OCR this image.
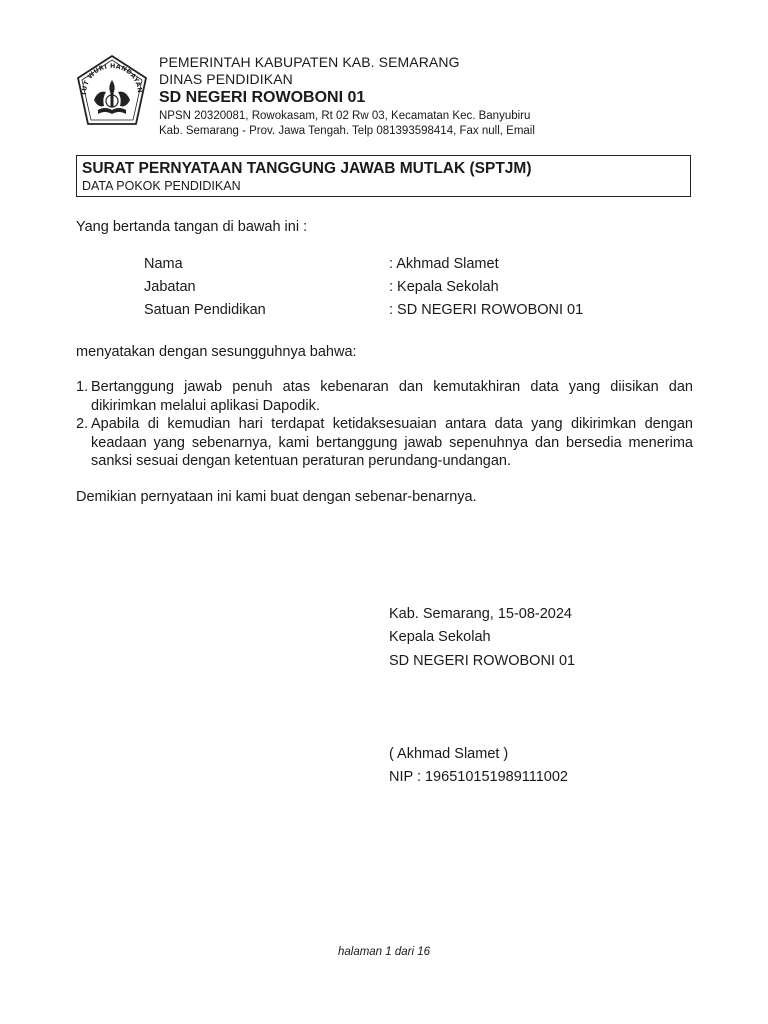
TUT WURI HANDAYAN
PEMERINTAH KABUPATEN KAB. SEMARANG
DINAS PENDIDIKAN
SD NEGERI ROWOBONI 01
NPSN 20320081, Rowokasam, Rt 02 Rw 03, Kecamatan Kec. Banyubiru
Kab. Semarang - Prov. Jawa Tengah. Telp 081393598414, Fax null, Email
SURAT PERNYATAAN TANGGUNG JAWAB MUTLAK (SPTJM)
DATA POKOK PENDIDIKAN
Yang bertanda tangan di bawah ini :
Nama	: Akhmad Slamet
Jabatan	: Kepala Sekolah
Satuan Pendidikan	: SD NEGERI ROWOBONI 01
menyatakan dengan sesungguhnya bahwa:
1. Bertanggung jawab penuh atas kebenaran dan kemutakhiran data yang diisikan dan dikirimkan melalui aplikasi Dapodik.
2. Apabila di kemudian hari terdapat ketidaksesuaian antara data yang dikirimkan dengan keadaan yang sebenarnya, kami bertanggung jawab sepenuhnya dan bersedia menerima sanksi sesuai dengan ketentuan peraturan perundang-undangan.
Demikian pernyataan ini kami buat dengan sebenar-benarnya.
Kab. Semarang, 15-08-2024
Kepala Sekolah
SD NEGERI ROWOBONI 01
( Akhmad Slamet )
NIP : 196510151989111002
halaman 1 dari 16
